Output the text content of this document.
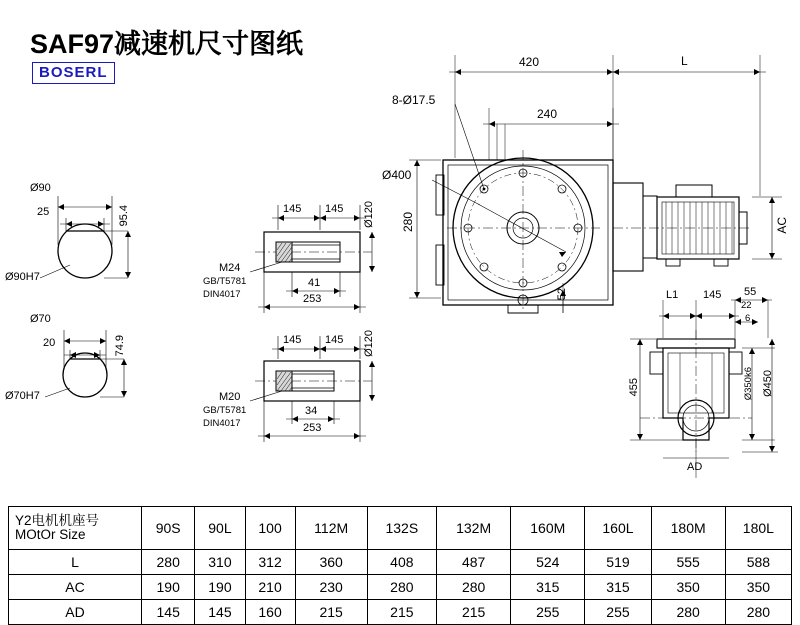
SAF97减速机尺寸图纸
BOSERL
Ø90
25	95.4
Ø90H7
Ø70
20	74.9
Ø70H7
145 145 Ø120
M24
GB/T5781
DIN4017
41
253
145 145 Ø120
M20
GB/T5781
DIN4017
34
253
420	L
8-Ø17.5
240
Ø400
280
52
AC
L1 145 55
22
6
455	Ø350k6 Ø450
AD
Y2电机机座号
MOtOr Size	90S	90L	100	112M	132S	132M	160M	160L	180M	180L
L	280	310	312	360	408	487	524	519	555	588
AC	190	190	210	230	280	280	315	315	350	350
AD	145	145	160	215	215	215	255	255	280	280
